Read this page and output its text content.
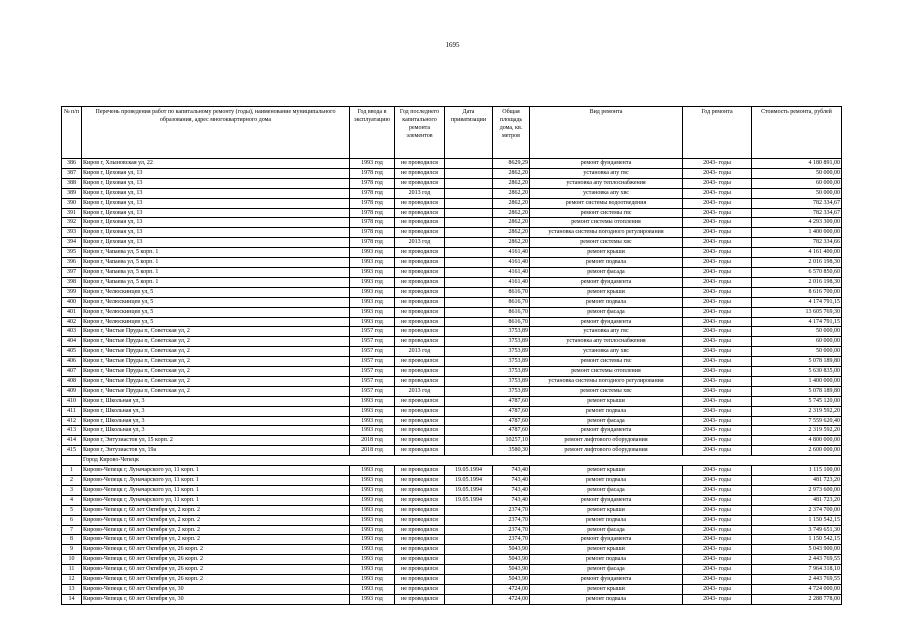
1695
№ п/п	Перечень проведения работ по капитальному ремонту (годы), наименование муниципального образования, адрес многоквартирного дома	Год ввода в эксплуатацию	Год последнего капитального ремонта элементов	Дата приватизации	Общая площадь дома, кв. метров	Вид ремонта	Год ремонта	Стоимость ремонта, рублей
386	Киров г, Хлыновская ул, 22	1993 год	не проводился		8629,29	ремонт фундамента	2043- годы	4 180 891,00
387	Киров г, Цеховая ул, 13	1978 год	не проводился		2862,20	установка апу гвс	2043- годы	50 000,00
388	Киров г, Цеховая ул, 13	1978 год	не проводился		2862,20	установка апу теплоснабжения	2043- годы	60 000,00
389	Киров г, Цеховая ул, 13	1978 год	2013 год		2862,20	установка апу хвс	2043- годы	50 000,00
390	Киров г, Цеховая ул, 13	1978 год	не проводился		2862,20	ремонт системы водоотведения	2043- годы	782 334,67
391	Киров г, Цеховая ул, 13	1978 год	не проводился		2862,20	ремонт системы гвс	2043- годы	782 334,67
392	Киров г, Цеховая ул, 13	1978 год	не проводился		2862,20	ремонт системы отопления	2043- годы	4 293 300,00
393	Киров г, Цеховая ул, 13	1978 год	не проводился		2862,20	установка системы погодного регулирования	2043- годы	1 400 000,00
394	Киров г, Цеховая ул, 13	1978 год	2013 год		2862,20	ремонт системы хвс	2043- годы	782 334,66
395	Киров г, Чапаева ул, 5 корп. 1	1993 год	не проводился		4161,40	ремонт крыши	2043- годы	4 161 400,00
396	Киров г, Чапаева ул, 5 корп. 1	1993 год	не проводился		4161,40	ремонт подвала	2043- годы	2 016 198,30
397	Киров г, Чапаева ул, 5 корп. 1	1993 год	не проводился		4161,40	ремонт фасада	2043- годы	6 570 850,60
398	Киров г, Чапаева ул, 5 корп. 1	1993 год	не проводился		4161,40	ремонт фундамента	2043- годы	2 016 198,30
399	Киров г, Челюскинцев ул, 5	1993 год	не проводился		8616,70	ремонт крыши	2043- годы	8 616 700,00
400	Киров г, Челюскинцев ул, 5	1993 год	не проводился		8616,70	ремонт подвала	2043- годы	4 174 791,15
401	Киров г, Челюскинцев ул, 5	1993 год	не проводился		8616,70	ремонт фасада	2043- годы	13 605 769,30
402	Киров г, Челюскинцев ул, 5	1993 год	не проводился		8616,70	ремонт фундамента	2043- годы	4 174 791,15
403	Киров г, Чистые Пруды п, Советская ул, 2	1957 год	не проводился		3753,89	установка апу гвс	2043- годы	50 000,00
404	Киров г, Чистые Пруды п, Советская ул, 2	1957 год	не проводился		3753,89	установка апу теплоснабжения	2043- годы	60 000,00
405	Киров г, Чистые Пруды п, Советская ул, 2	1957 год	2013 год		3753,89	установка апу хвс	2043- годы	50 000,00
406	Киров г, Чистые Пруды п, Советская ул, 2	1957 год	не проводился		3753,89	ремонт системы гвс	2043- годы	5 078 189,80
407	Киров г, Чистые Пруды п, Советская ул, 2	1957 год	не проводился		3753,89	ремонт системы отопления	2043- годы	5 630 835,00
408	Киров г, Чистые Пруды п, Советская ул, 2	1957 год	не проводился		3753,89	установка системы погодного регулирования	2043- годы	1 400 000,00
409	Киров г, Чистые Пруды п, Советская ул, 2	1957 год	2013 год		3753,89	ремонт системы хвс	2043- годы	5 078 189,80
410	Киров г, Школьная ул, 3	1993 год	не проводился		4787,60	ремонт крыши	2043- годы	5 745 120,00
411	Киров г, Школьная ул, 3	1993 год	не проводился		4787,60	ремонт подвала	2043- годы	2 319 592,20
412	Киров г, Школьная ул, 3	1993 год	не проводился		4787,60	ремонт фасада	2043- годы	7 559 620,40
413	Киров г, Школьная ул, 3	1993 год	не проводился		4787,60	ремонт фундамента	2043- годы	2 319 592,20
414	Киров г, Энтузиастов ул, 15 корп. 2	2018 год	не проводился		10257,10	ремонт лифтового оборудования	2043- годы	4 800 000,00
415	Киров г, Энтузиастов ул, 19а	2018 год	не проводился		3580,30	ремонт лифтового оборудования	2043- годы	2 600 000,00
	Город Кирово-Чепецк							
1	Кирово-Чепецк г, Луначарского ул, 11 корп. 1	1993 год	не проводился	19.05.1994	743,40	ремонт крыши	2043- годы	1 115 100,00
2	Кирово-Чепецк г, Луначарского ул, 11 корп. 1	1993 год	не проводился	19.05.1994	743,40	ремонт подвала	2043- годы	481 723,20
3	Кирово-Чепецк г, Луначарского ул, 11 корп. 1	1993 год	не проводился	19.05.1994	743,40	ремонт фасада	2043- годы	2 973 600,00
4	Кирово-Чепецк г, Луначарского ул, 11 корп. 1	1993 год	не проводился	19.05.1994	743,40	ремонт фундамента	2043- годы	481 723,20
5	Кирово-Чепецк г, 60 лет Октября ул, 2 корп. 2	1993 год	не проводился		2374,70	ремонт крыши	2043- годы	2 374 700,00
6	Кирово-Чепецк г, 60 лет Октября ул, 2 корп. 2	1993 год	не проводился		2374,70	ремонт подвала	2043- годы	1 150 542,15
7	Кирово-Чепецк г, 60 лет Октября ул, 2 корп. 2	1993 год	не проводился		2374,70	ремонт фасада	2043- годы	3 749 651,30
8	Кирово-Чепецк г, 60 лет Октября ул, 2 корп. 2	1993 год	не проводился		2374,70	ремонт фундамента	2043- годы	1 150 542,15
9	Кирово-Чепецк г, 60 лет Октября ул, 26 корп. 2	1993 год	не проводился		5043,90	ремонт крыши	2043- годы	5 043 900,00
10	Кирово-Чепецк г, 60 лет Октября ул, 26 корп. 2	1993 год	не проводился		5043,90	ремонт подвала	2043- годы	2 443 769,55
11	Кирово-Чепецк г, 60 лет Октября ул, 26 корп. 2	1993 год	не проводился		5043,90	ремонт фасада	2043- годы	7 964 318,10
12	Кирово-Чепецк г, 60 лет Октября ул, 26 корп. 2	1993 год	не проводился		5043,90	ремонт фундамента	2043- годы	2 443 769,55
13	Кирово-Чепецк г, 60 лет Октября ул, 30	1993 год	не проводился		4724,00	ремонт крыши	2043- годы	4 724 000,00
14	Кирово-Чепецк г, 60 лет Октября ул, 30	1993 год	не проводился		4724,00	ремонт подвала	2043- годы	2 288 778,00
